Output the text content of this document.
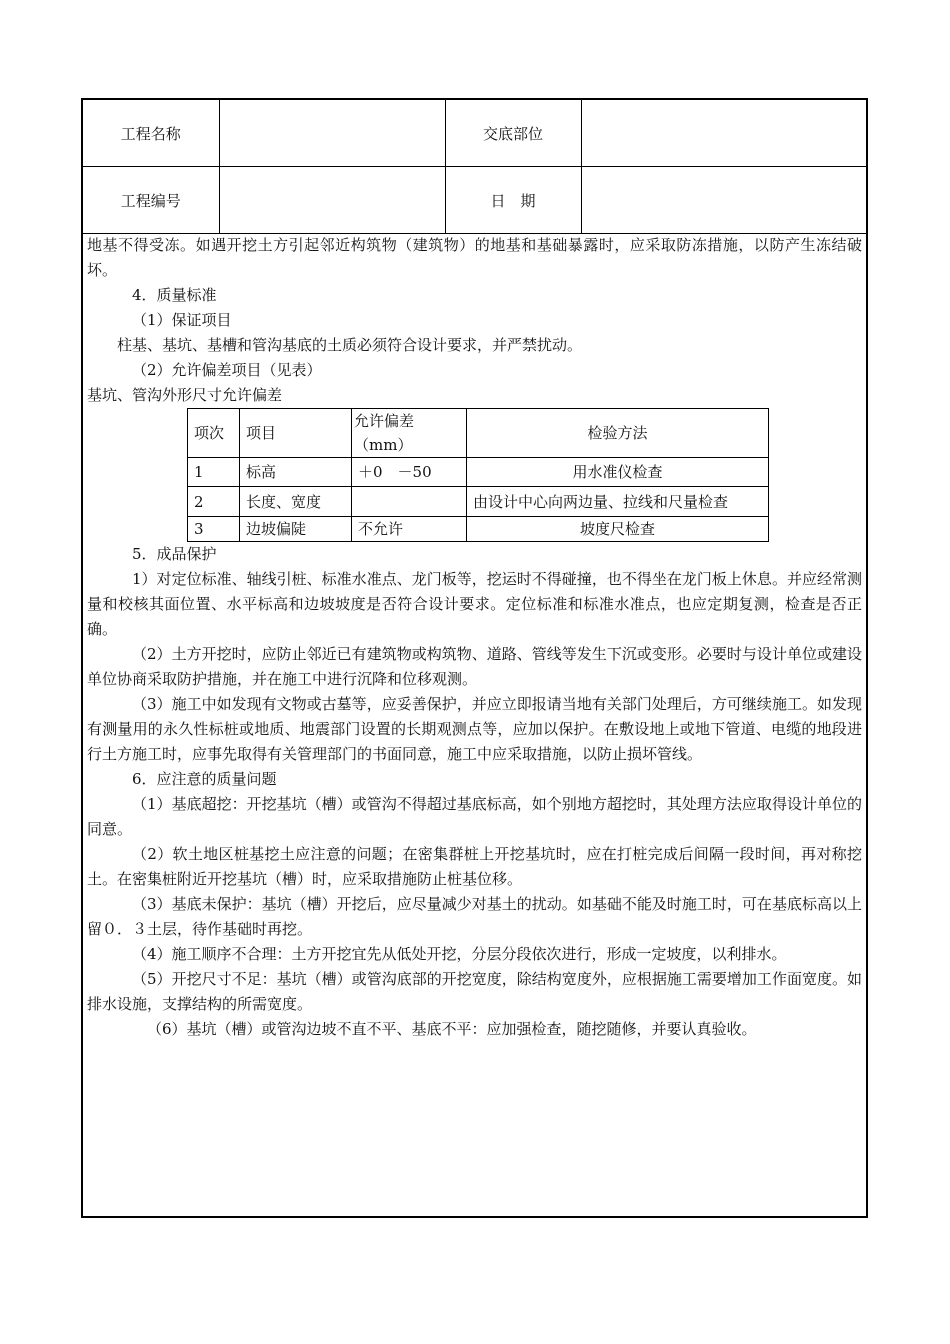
工程名称		交底部位	
工程编号		日　期	

地基不得受冻。如遇开挖土方引起邻近构筑物（建筑物）的地基和基础暴露时，应采取防冻措施，以防产生冻结破坏。

4．质量标准

（1）保证项目

柱基、基坑、基槽和管沟基底的土质必须符合设计要求，并严禁扰动。

（2）允许偏差项目（见表）

基坑、管沟外形尺寸允许偏差

项次	项目	允许偏差（mm）	检验方法
1	标高	＋0　－50	用水准仪检查
2	长度、宽度		由设计中心向两边量、拉线和尺量检查
3	边坡偏陡	不允许	坡度尺检查

5．成品保护

1）对定位标准、轴线引桩、标准水准点、龙门板等，挖运时不得碰撞，也不得坐在龙门板上休息。并应经常测量和校核其面位置、水平标高和边坡坡度是否符合设计要求。定位标准和标准水准点，也应定期复测，检查是否正确。

（2）土方开挖时，应防止邻近已有建筑物或构筑物、道路、管线等发生下沉或变形。必要时与设计单位或建设单位协商采取防护措施，并在施工中进行沉降和位移观测。

（3）施工中如发现有文物或古墓等，应妥善保护，并应立即报请当地有关部门处理后，方可继续施工。如发现有测量用的永久性标桩或地质、地震部门设置的长期观测点等，应加以保护。在敷设地上或地下管道、电缆的地段进行土方施工时，应事先取得有关管理部门的书面同意，施工中应采取措施，以防止损坏管线。

6．应注意的质量问题

（1）基底超挖：开挖基坑（槽）或管沟不得超过基底标高，如个别地方超挖时，其处理方法应取得设计单位的同意。

（2）软土地区桩基挖土应注意的问题；在密集群桩上开挖基坑时，应在打桩完成后间隔一段时间，再对称挖土。在密集桩附近开挖基坑（槽）时，应采取措施防止桩基位移。

（3）基底未保护：基坑（槽）开挖后，应尽量减少对基土的扰动。如基础不能及时施工时，可在基底标高以上留０．３土层，待作基础时再挖。

（4）施工顺序不合理：土方开挖宜先从低处开挖，分层分段依次进行，形成一定坡度，以利排水。

（5）开挖尺寸不足：基坑（槽）或管沟底部的开挖宽度，除结构宽度外，应根据施工需要增加工作面宽度。如排水设施，支撑结构的所需宽度。

（6）基坑（槽）或管沟边坡不直不平、基底不平：应加强检查，随挖随修，并要认真验收。
